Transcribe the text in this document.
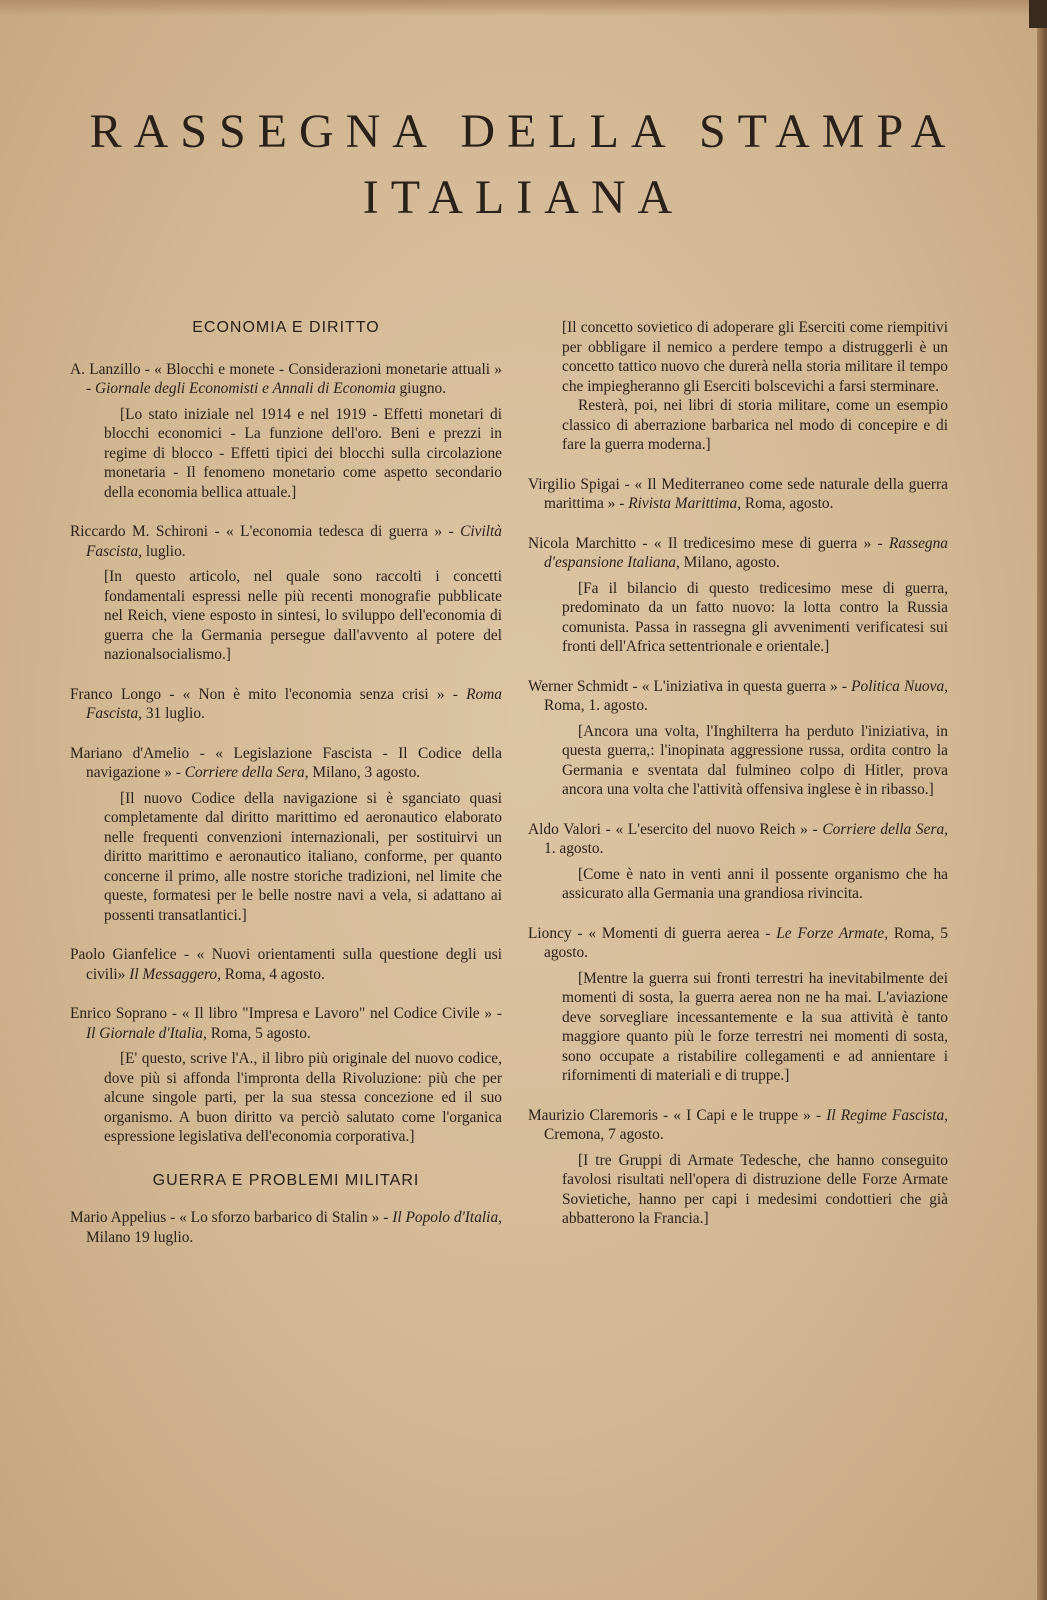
RASSEGNA DELLA STAMPA
ITALIANA
ECONOMIA E DIRITTO
A. Lanzillo - « Blocchi e monete - Considerazioni monetarie attuali » - Giornale degli Economisti e Annali di Economia giugno.
[Lo stato iniziale nel 1914 e nel 1919 - Effetti monetari di blocchi economici - La funzione dell'oro. Beni e prezzi in regime di blocco - Effetti tipici dei blocchi sulla circolazione monetaria - Il fenomeno monetario come aspetto secondario della economia bellica attuale.]
Riccardo M. Schironi - « L'economia tedesca di guerra » - Civiltà Fascista, luglio.
[In questo articolo, nel quale sono raccolti i concetti fondamentali espressi nelle più recenti monografie pubblicate nel Reich, viene esposto in sintesi, lo sviluppo dell'economia di guerra che la Germania persegue dall'avvento al potere del nazionalsocialismo.]
Franco Longo - « Non è mito l'economia senza crisi » - Roma Fascista, 31 luglio.
Mariano d'Amelio - « Legislazione Fascista - Il Codice della navigazione » - Corriere della Sera, Milano, 3 agosto.
[Il nuovo Codice della navigazione si è sganciato quasi completamente dal diritto marittimo ed aeronautico elaborato nelle frequenti convenzioni internazionali, per sostituirvi un diritto marittimo e aeronautico italiano, conforme, per quanto concerne il primo, alle nostre storiche tradizioni, nel limite che queste, formatesi per le belle nostre navi a vela, si adattano ai possenti transatlantici.]
Paolo Gianfelice - « Nuovi orientamenti sulla questione degli usi civili» Il Messaggero, Roma, 4 agosto.
Enrico Soprano - « Il libro "Impresa e Lavoro" nel Codice Civile » - Il Giornale d'Italia, Roma, 5 agosto.
[E' questo, scrive l'A., il libro più originale del nuovo codice, dove più si affonda l'impronta della Rivoluzione: più che per alcune singole parti, per la sua stessa concezione ed il suo organismo. A buon diritto va perciò salutato come l'organica espressione legislativa dell'economia corporativa.]
GUERRA E PROBLEMI MILITARI
Mario Appelius - « Lo sforzo barbarico di Stalin » - Il Popolo d'Italia, Milano 19 luglio.
[Il concetto sovietico di adoperare gli Eserciti come riempitivi per obbligare il nemico a perdere tempo a distruggerli è un concetto tattico nuovo che durerà nella storia militare il tempo che impiegheranno gli Eserciti bolscevichi a farsi sterminare.
Resterà, poi, nei libri di storia militare, come un esempio classico di aberrazione barbarica nel modo di concepire e di fare la guerra moderna.]
Virgilio Spigai - « Il Mediterraneo come sede naturale della guerra marittima » - Rivista Marittima, Roma, agosto.
Nicola Marchitto - « Il tredicesimo mese di guerra » - Rassegna d'espansione Italiana, Milano, agosto.
[Fa il bilancio di questo tredicesimo mese di guerra, predominato da un fatto nuovo: la lotta contro la Russia comunista. Passa in rassegna gli avvenimenti verificatesi sui fronti dell'Africa settentrionale e orientale.]
Werner Schmidt - « L'iniziativa in questa guerra » - Politica Nuova, Roma, 1. agosto.
[Ancora una volta, l'Inghilterra ha perduto l'iniziativa, in questa guerra,: l'inopinata aggressione russa, ordita contro la Germania e sventata dal fulmineo colpo di Hitler, prova ancora una volta che l'attività offensiva inglese è in ribasso.]
Aldo Valori - « L'esercito del nuovo Reich » - Corriere della Sera, 1. agosto.
[Come è nato in venti anni il possente organismo che ha assicurato alla Germania una grandiosa rivincita.
Lioncy - « Momenti di guerra aerea - Le Forze Armate, Roma, 5 agosto.
[Mentre la guerra sui fronti terrestri ha inevitabilmente dei momenti di sosta, la guerra aerea non ne ha mai. L'aviazione deve sorvegliare incessantemente e la sua attività è tanto maggiore quanto più le forze terrestri nei momenti di sosta, sono occupate a ristabilire collegamenti e ad annientare i rifornimenti di materiali e di truppe.]
Maurizio Claremoris - « I Capi e le truppe » - Il Regime Fascista, Cremona, 7 agosto.
[I tre Gruppi di Armate Tedesche, che hanno conseguito favolosi risultati nell'opera di distruzione delle Forze Armate Sovietiche, hanno per capi i medesimi condottieri che già abbatterono la Francia.]
